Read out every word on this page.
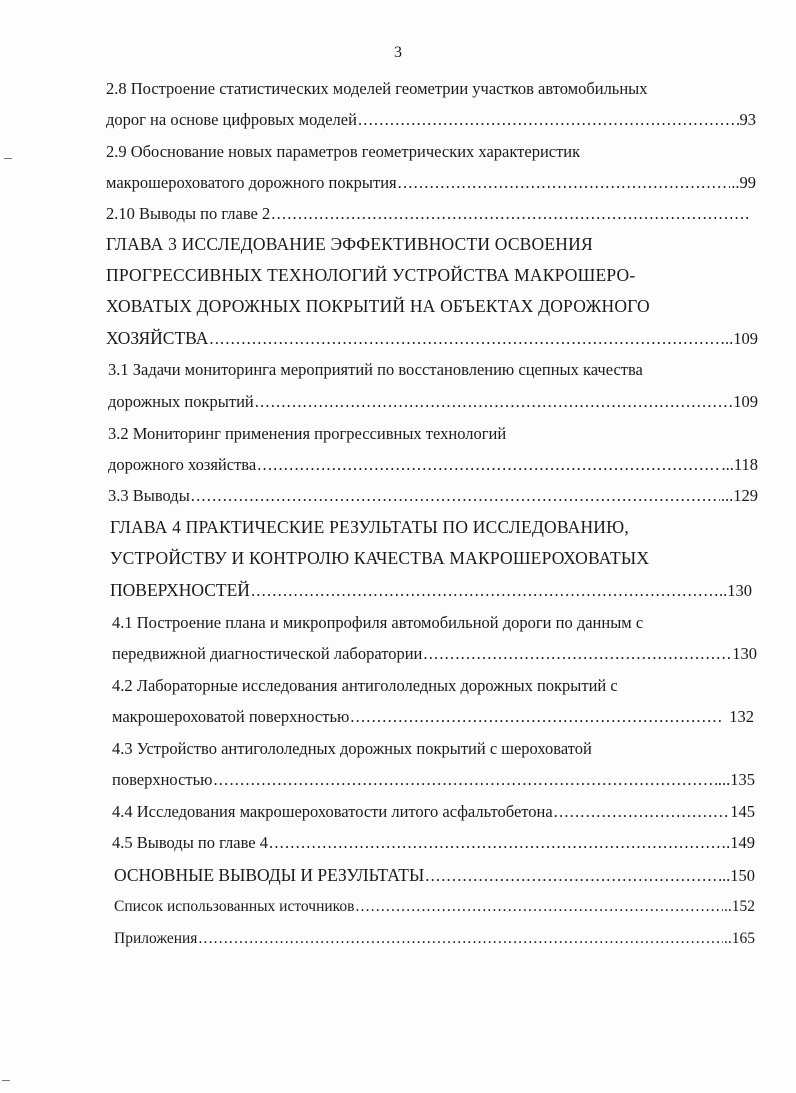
3
2.8 Построение статистических моделей геометрии участков автомобильных
дорог на основе цифровых моделей .....	93
2.9 Обоснование новых параметров геометрических характеристик
макрошероховатого дорожного покрытия .....	..99
2.10 Выводы по главе 2
.....
ГЛАВА 3 ИССЛЕДОВАНИЕ ЭФФЕКТИВНОСТИ ОСВОЕНИЯ
ПРОГРЕССИВНЫХ ТЕХНОЛОГИЙ УСТРОЙСТВА МАКРОШЕРО-
ХОВАТЫХ ДОРОЖНЫХ ПОКРЫТИЙ НА ОБЪЕКТАХ ДОРОЖНОГО
ХОЗЯЙСТВА .....	..109
3.1 Задачи мониторинга мероприятий по восстановлению сцепных качества
дорожных покрытий .....	109
3.2 Мониторинг применения прогрессивных технологий
дорожного хозяйства .....	...118
3.3 Выводы .....	...129
ГЛАВА 4 ПРАКТИЧЕСКИЕ РЕЗУЛЬТАТЫ ПО ИССЛЕДОВАНИЮ,
УСТРОЙСТВУ И КОНТРОЛЮ КАЧЕСТВА МАКРОШЕРОХОВАТЫХ
ПОВЕРХНОСТЕЙ .....	..130
4.1 Построение плана и микропрофиля автомобильной дороги по данным с
передвижной диагностической лаборатории .....	130
4.2 Лабораторные исследования антигололедных дорожных покрытий с
макрошероховатой поверхностью .....	132
4.3 Устройство антигололедных дорожных покрытий с шероховатой
поверхностью .....	...135
4.4 Исследования макрошероховатости литого асфальтобетона .....	145
4.5 Выводы по главе 4 .....	.149
ОСНОВНЫЕ ВЫВОДЫ И РЕЗУЛЬТАТЫ .....	..150
Список использованных источников .....	..152
Приложения .....	..165
